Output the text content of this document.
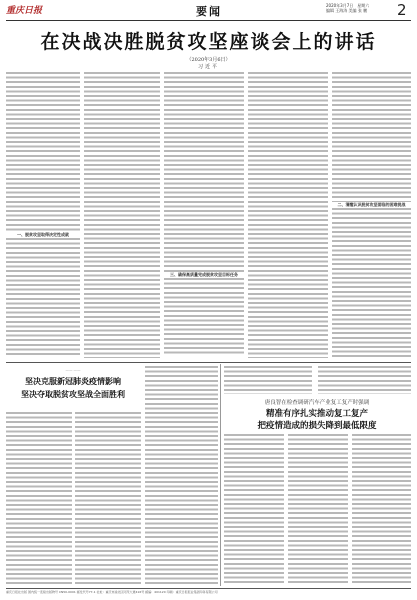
重庆日报	要闻	2020年3月7日　星期六
编辑 王海涛 美编 张 鹏 2
在决战决胜脱贫攻坚座谈会上的讲话
（2020年3月6日）
习近平
一、脱贫攻坚取得决定性成就
三、确保高质量完成脱贫攻坚目标任务
二、清醒认识脱贫攻坚面临的困难挑战
—— ——
坚决克服新冠肺炎疫情影响
坚决夺取脱贫攻坚战全面胜利
唐良智在检查调研汽车产业复工复产时强调
精准有序扎实推动复工复产
把疫情造成的损失降到最低限度
重庆日报社出版 国内统一连续出版物号 CN50-0001 邮发代号77-1 社址：重庆市渝北区同茂大道416号 邮编：401120 印刷：重庆日报报业集团印务有限公司
